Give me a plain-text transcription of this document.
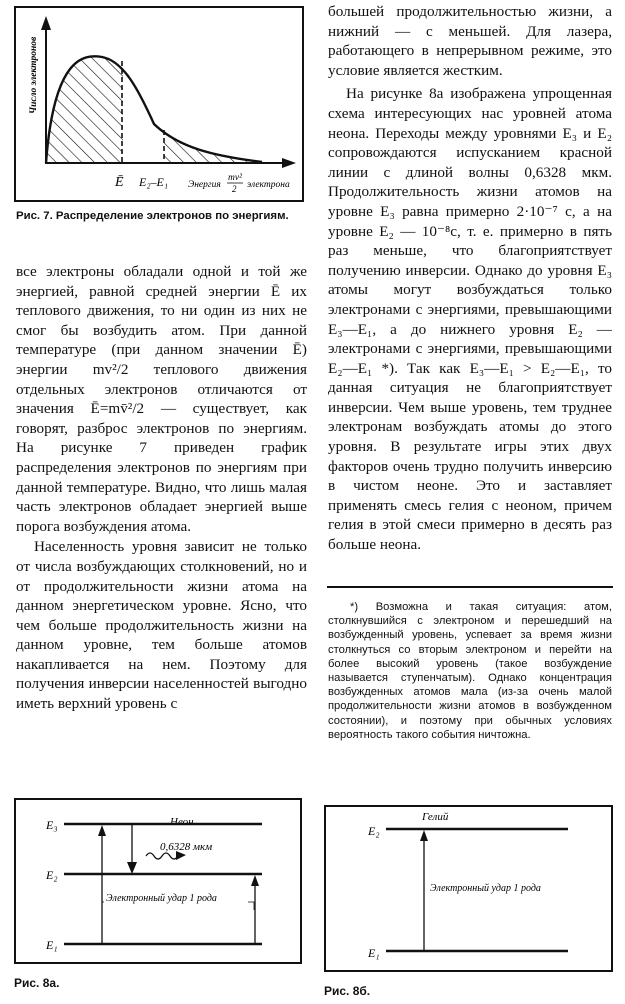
Число электронов
Ē E₂–E₁ Энергия
mv²
2 электрона
Рис. 7. Распределение электронов по энергиям.

все электроны обладали одной и той же энергией, равной средней энергии Ē их теплового движения, то ни один из них не смог бы возбудить атом. При данной температуре (при данном значении Ē) энергии mv²/2 теплового движения отдельных электронов отличаются от значения Ē=mv̄²/2 — существует, как говорят, разброс электронов по энергиям. На рисунке 7 приведен график распределения электронов по энергиям при данной температуре. Видно, что лишь малая часть электронов обладает энергией выше порога возбуждения атома.

Населенность уровня зависит не только от числа возбуждающих столкновений, но и от продолжительности жизни атома на данном энергетическом уровне. Ясно, что чем больше продолжительность жизни на данном уровне, тем больше атомов накапливается на нем. Поэтому для получения инверсии населенностей выгодно иметь верхний уровень с

большей продолжительностью жизни, а нижний — с меньшей. Для лазера, работающего в непрерывном режиме, это условие является жестким.

На рисунке 8а изображена упрощенная схема интересующих нас уровней атома неона. Переходы между уровнями E₃ и E₂ сопровождаются испусканием красной линии с длиной волны 0,6328 мкм. Продолжительность жизни атомов на уровне E₃ равна примерно 2·10⁻⁷ с, а на уровне E₂ — 10⁻⁸с, т. е. примерно в пять раз меньше, что благоприятствует получению инверсии. Однако до уровня E₃ атомы могут возбуждаться только электронами с энергиями, превышающими E₃—E₁, а до нижнего уровня E₂ — электронами с энергиями, превышающими E₂—E₁ *). Так как E₃—E₁ > E₂—E₁, то данная ситуация не благоприятствует инверсии. Чем выше уровень, тем труднее электронам возбуждать атомы до этого уровня. В результате игры этих двух факторов очень трудно получить инверсию в чистом неоне. Это и заставляет применять смесь гелия с неоном, причем гелия в этой смеси примерно в десять раз больше неона.

*) Возможна и такая ситуация: атом, столкнувшийся с электроном и перешедший на возбужденный уровень, успевает за время жизни столкнуться со вторым электроном и перейти на более высокий уровень (такое возбуждение называется ступенчатым). Однако концентрация возбужденных атомов мала (из-за очень малой продолжительности жизни атомов в возбужденном состоянии), и поэтому при обычных условиях вероятность такого события ничтожна.

Неон
E₃
E₂
E₁
0,6328 мкм
Электронный удар 1 рода
Рис. 8а.
Гелий
E₂
E₁
Электронный удар 1 рода
Рис. 8б.
